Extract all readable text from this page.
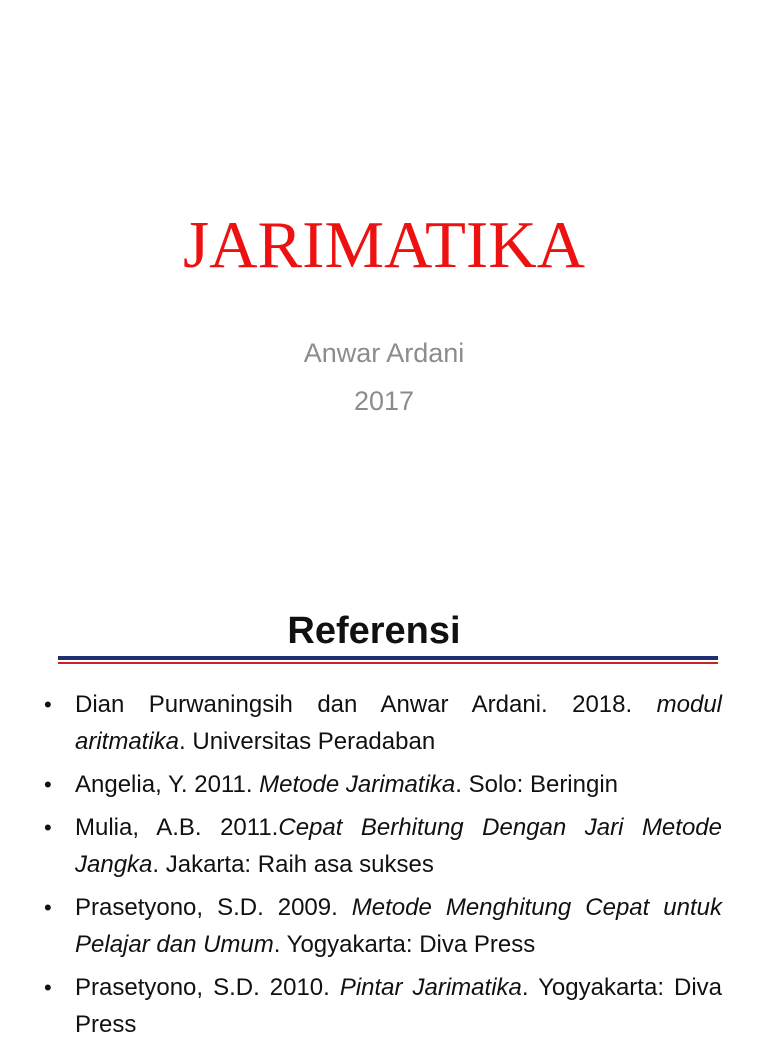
JARIMATIKA
Anwar Ardani
2017
Referensi
• Dian Purwaningsih dan Anwar Ardani. 2018. modul aritmatika. Universitas Peradaban
• Angelia, Y. 2011. Metode Jarimatika. Solo: Beringin
• Mulia, A.B. 2011.Cepat Berhitung Dengan Jari Metode Jangka. Jakarta: Raih asa sukses
• Prasetyono, S.D. 2009. Metode Menghitung Cepat untuk Pelajar dan Umum. Yogyakarta: Diva Press
• Prasetyono, S.D. 2010. Pintar Jarimatika. Yogyakarta: Diva Press
